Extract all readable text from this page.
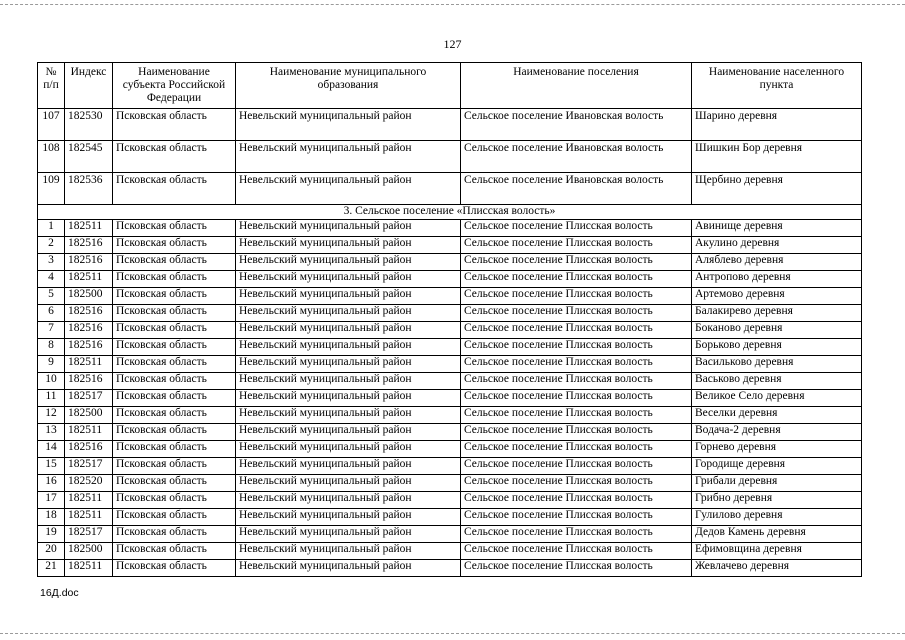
127
№ п/п	Индекс	Наименование субъекта Российской Федерации	Наименование муниципального образования	Наименование поселения	Наименование населенного пункта
107	182530	Псковская область	Невельский муниципальный район	Сельское поселение Ивановская волость	Шарино деревня
108	182545	Псковская область	Невельский муниципальный район	Сельское поселение Ивановская волость	Шишкин Бор деревня
109	182536	Псковская область	Невельский муниципальный район	Сельское поселение Ивановская волость	Щербино деревня
3. Сельское поселение «Плисская волость»					
1	182511	Псковская область	Невельский муниципальный район	Сельское поселение Плисская волость	Авинище деревня
2	182516	Псковская область	Невельский муниципальный район	Сельское поселение Плисская волость	Акулино деревня
3	182516	Псковская область	Невельский муниципальный район	Сельское поселение Плисская волость	Аляблево деревня
4	182511	Псковская область	Невельский муниципальный район	Сельское поселение Плисская волость	Антропово деревня
5	182500	Псковская область	Невельский муниципальный район	Сельское поселение Плисская волость	Артемово деревня
6	182516	Псковская область	Невельский муниципальный район	Сельское поселение Плисская волость	Балакирево деревня
7	182516	Псковская область	Невельский муниципальный район	Сельское поселение Плисская волость	Боканово деревня
8	182516	Псковская область	Невельский муниципальный район	Сельское поселение Плисская волость	Борьково деревня
9	182511	Псковская область	Невельский муниципальный район	Сельское поселение Плисская волость	Васильково деревня
10	182516	Псковская область	Невельский муниципальный район	Сельское поселение Плисская волость	Васьково деревня
11	182517	Псковская область	Невельский муниципальный район	Сельское поселение Плисская волость	Великое Село деревня
12	182500	Псковская область	Невельский муниципальный район	Сельское поселение Плисская волость	Веселки деревня
13	182511	Псковская область	Невельский муниципальный район	Сельское поселение Плисская волость	Водача-2 деревня
14	182516	Псковская область	Невельский муниципальный район	Сельское поселение Плисская волость	Горнево деревня
15	182517	Псковская область	Невельский муниципальный район	Сельское поселение Плисская волость	Городище деревня
16	182520	Псковская область	Невельский муниципальный район	Сельское поселение Плисская волость	Грибали деревня
17	182511	Псковская область	Невельский муниципальный район	Сельское поселение Плисская волость	Грибно деревня
18	182511	Псковская область	Невельский муниципальный район	Сельское поселение Плисская волость	Гулилово деревня
19	182517	Псковская область	Невельский муниципальный район	Сельское поселение Плисская волость	Дедов Камень деревня
20	182500	Псковская область	Невельский муниципальный район	Сельское поселение Плисская волость	Ефимовщина деревня
21	182511	Псковская область	Невельский муниципальный район	Сельское поселение Плисская волость	Жевлачево деревня
16Д.doc
